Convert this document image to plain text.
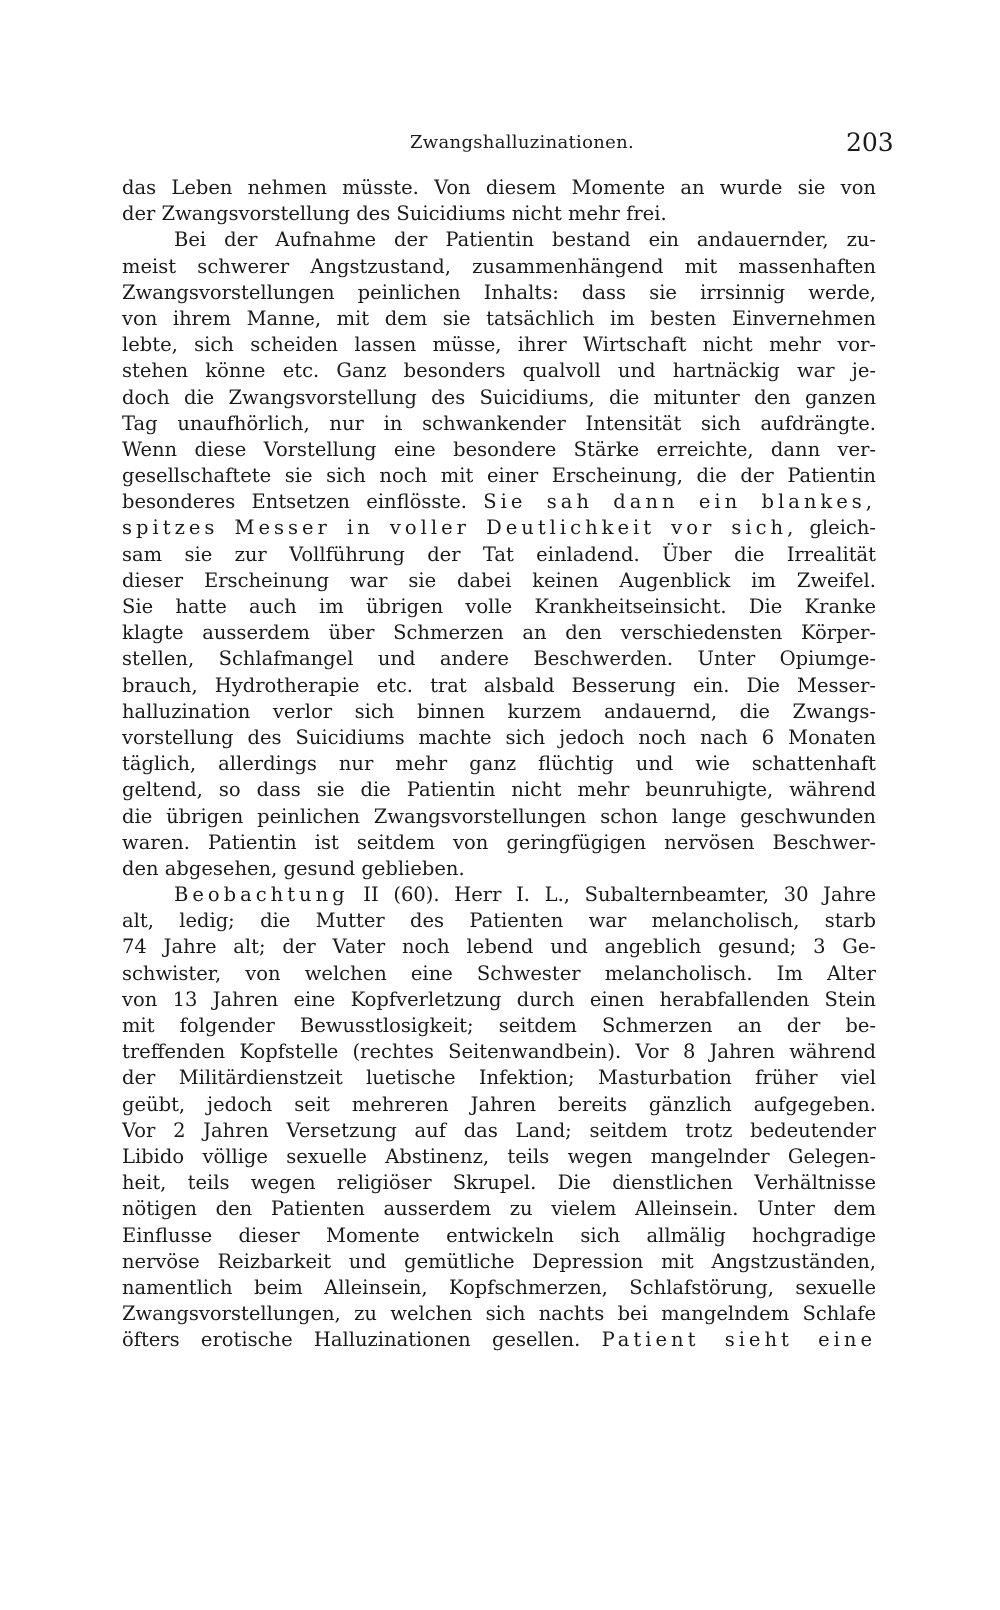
Zwangshalluzinationen.	203
das Leben nehmen müsste. Von diesem Momente an wurde sie von
der Zwangsvorstellung des Suicidiums nicht mehr frei.
Bei der Aufnahme der Patientin bestand ein andauernder, zu-
meist schwerer Angstzustand, zusammenhängend mit massenhaften
Zwangsvorstellungen peinlichen Inhalts: dass sie irrsinnig werde,
von ihrem Manne, mit dem sie tatsächlich im besten Einvernehmen
lebte, sich scheiden lassen müsse, ihrer Wirtschaft nicht mehr vor-
stehen könne etc. Ganz besonders qualvoll und hartnäckig war je-
doch die Zwangsvorstellung des Suicidiums, die mitunter den ganzen
Tag unaufhörlich, nur in schwankender Intensität sich aufdrängte.
Wenn diese Vorstellung eine besondere Stärke erreichte, dann ver-
gesellschaftete sie sich noch mit einer Erscheinung, die der Patientin
besonderes Entsetzen einflösste. Sie sah dann ein blankes,
spitzes Messer in voller Deutlichkeit vor sich, gleich-
sam sie zur Vollführung der Tat einladend. Über die Irrealität
dieser Erscheinung war sie dabei keinen Augenblick im Zweifel.
Sie hatte auch im übrigen volle Krankheitseinsicht. Die Kranke
klagte ausserdem über Schmerzen an den verschiedensten Körper-
stellen, Schlafmangel und andere Beschwerden. Unter Opiumge-
brauch, Hydrotherapie etc. trat alsbald Besserung ein. Die Messer-
halluzination verlor sich binnen kurzem andauernd, die Zwangs-
vorstellung des Suicidiums machte sich jedoch noch nach 6 Monaten
täglich, allerdings nur mehr ganz flüchtig und wie schattenhaft
geltend, so dass sie die Patientin nicht mehr beunruhigte, während
die übrigen peinlichen Zwangsvorstellungen schon lange geschwunden
waren. Patientin ist seitdem von geringfügigen nervösen Beschwer-
den abgesehen, gesund geblieben.
Beobachtung II (60). Herr I. L., Subalternbeamter, 30 Jahre
alt, ledig; die Mutter des Patienten war melancholisch, starb
74 Jahre alt; der Vater noch lebend und angeblich gesund; 3 Ge-
schwister, von welchen eine Schwester melancholisch. Im Alter
von 13 Jahren eine Kopfverletzung durch einen herabfallenden Stein
mit folgender Bewusstlosigkeit; seitdem Schmerzen an der be-
treffenden Kopfstelle (rechtes Seitenwandbein). Vor 8 Jahren während
der Militärdienstzeit luetische Infektion; Masturbation früher viel
geübt, jedoch seit mehreren Jahren bereits gänzlich aufgegeben.
Vor 2 Jahren Versetzung auf das Land; seitdem trotz bedeutender
Libido völlige sexuelle Abstinenz, teils wegen mangelnder Gelegen-
heit, teils wegen religiöser Skrupel. Die dienstlichen Verhältnisse
nötigen den Patienten ausserdem zu vielem Alleinsein. Unter dem
Einflusse dieser Momente entwickeln sich allmälig hochgradige
nervöse Reizbarkeit und gemütliche Depression mit Angstzuständen,
namentlich beim Alleinsein, Kopfschmerzen, Schlafstörung, sexuelle
Zwangsvorstellungen, zu welchen sich nachts bei mangelndem Schlafe
öfters erotische Halluzinationen gesellen. Patient sieht eine
